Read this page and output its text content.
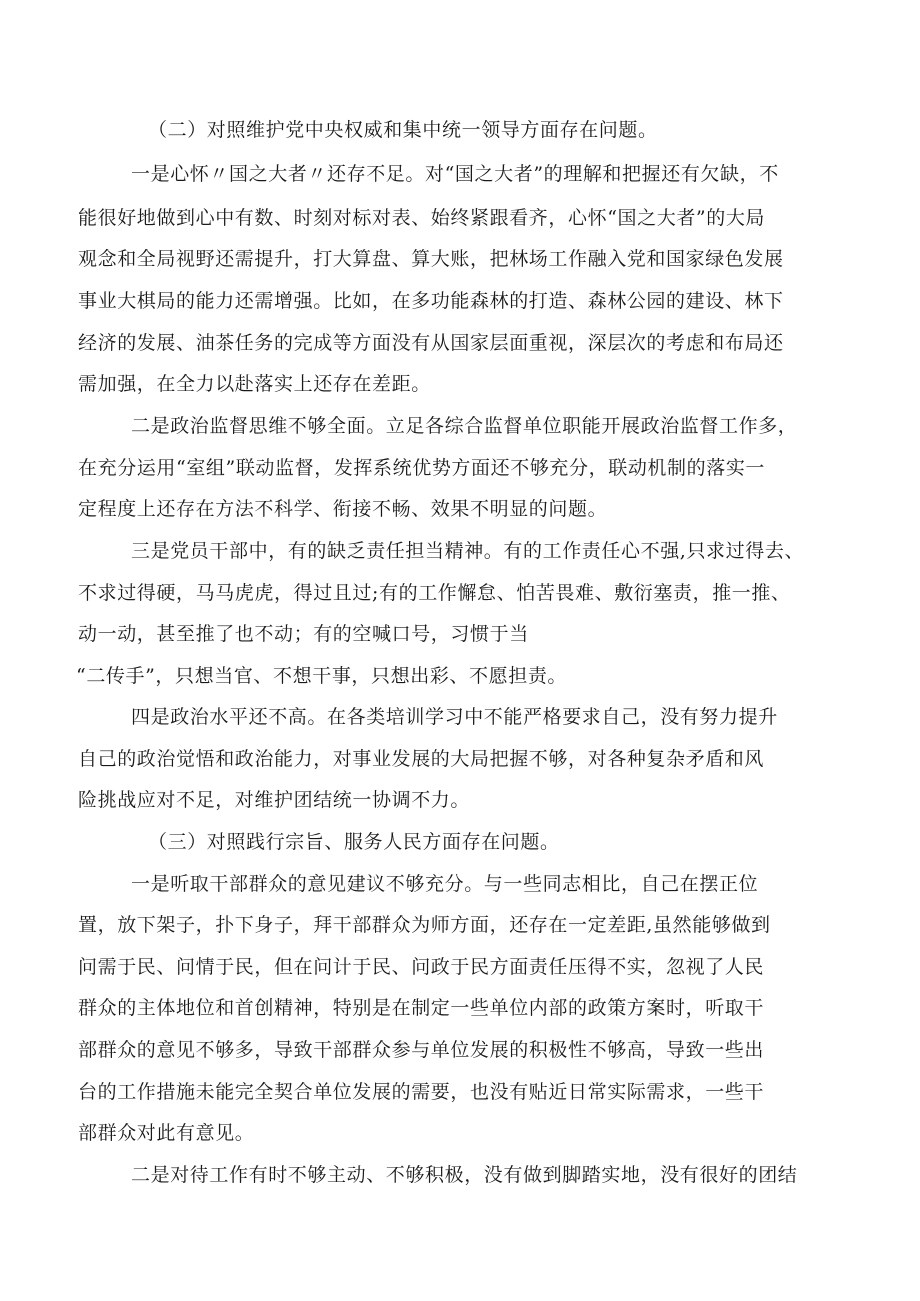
（二）对照维护党中央权威和集中统一领导方面存在问题。
一是心怀〃国之大者〃还存不足。对“国之大者”的理解和把握还有欠缺，不
能很好地做到心中有数、时刻对标对表、始终紧跟看齐，心怀“国之大者”的大局
观念和全局视野还需提升，打大算盘、算大账，把林场工作融入党和国家绿色发展
事业大棋局的能力还需增强。比如，在多功能森林的打造、森林公园的建设、林下
经济的发展、油茶任务的完成等方面没有从国家层面重视，深层次的考虑和布局还
需加强，在全力以赴落实上还存在差距。
二是政治监督思维不够全面。立足各综合监督单位职能开展政治监督工作多，
在充分运用“室组”联动监督，发挥系统优势方面还不够充分，联动机制的落实一
定程度上还存在方法不科学、衔接不畅、效果不明显的问题。
三是党员干部中，有的缺乏责任担当精神。有的工作责任心不强,只求过得去、
不求过得硬，马马虎虎，得过且过;有的工作懈怠、怕苦畏难、敷衍塞责，推一推、
动一动，甚至推了也不动；有的空喊口号，习惯于当
“二传手”，只想当官、不想干事，只想出彩、不愿担责。
四是政治水平还不高。在各类培训学习中不能严格要求自己，没有努力提升
自己的政治觉悟和政治能力，对事业发展的大局把握不够，对各种复杂矛盾和风
险挑战应对不足，对维护团结统一协调不力。
（三）对照践行宗旨、服务人民方面存在问题。
一是听取干部群众的意见建议不够充分。与一些同志相比，自己在摆正位
置，放下架子，扑下身子，拜干部群众为师方面，还存在一定差距,虽然能够做到
问需于民、问情于民，但在问计于民、问政于民方面责任压得不实，忽视了人民
群众的主体地位和首创精神，特别是在制定一些单位内部的政策方案时，听取干
部群众的意见不够多，导致干部群众参与单位发展的积极性不够高，导致一些出
台的工作措施未能完全契合单位发展的需要，也没有贴近日常实际需求，一些干
部群众对此有意见。
二是对待工作有时不够主动、不够积极，没有做到脚踏实地，没有很好的团结
